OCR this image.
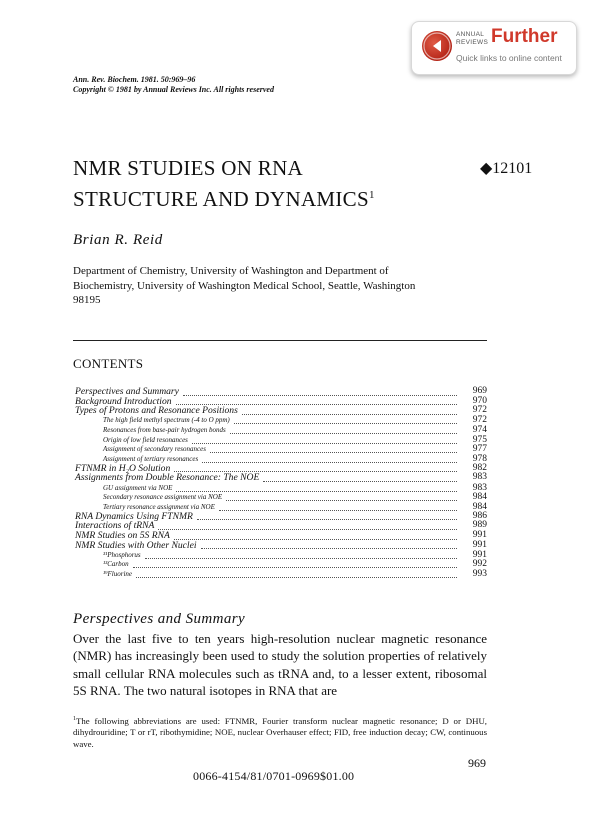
ANNUAL
REVIEWS Further
Quick links to online content
Ann. Rev. Biochem. 1981. 50:969–96
Copyright © 1981 by Annual Reviews Inc. All rights reserved
NMR STUDIES ON RNA
STRUCTURE AND DYNAMICS$^1$
◆12101
Brian R. Reid
Department of Chemistry, University of Washington and Department of Biochemistry, University of Washington Medical School, Seattle, Washington 98195
CONTENTS
Perspectives and Summary	969
Background Introduction	970
Types of Protons and Resonance Positions	972
The high field methyl spectrum (-4 to O ppm)	972
Resonances from base-pair hydrogen bonds	974
Origin of low field resonances	975
Assignment of secondary resonances	977
Assignment of tertiary resonances	978
FTNMR in H₂O Solution	982
Assignments from Double Resonance: The NOE	983
GU assignment via NOE	983
Secondary resonance assignment via NOE	984
Tertiary resonance assignment via NOE	984
RNA Dynamics Using FTNMR	986
Interactions of tRNA	989
NMR Studies on 5S RNA	991
NMR Studies with Other Nuclei	991
³¹Phosphorus	991
¹³Carbon	992
¹⁹Fluorine	993
Perspectives and Summary
Over the last five to ten years high-resolution nuclear magnetic resonance (NMR) has increasingly been used to study the solution properties of relatively small cellular RNA molecules such as tRNA and, to a lesser extent, ribosomal 5S RNA. The two natural isotopes in RNA that are
$^1$The following abbreviations are used: FTNMR, Fourier transform nuclear magnetic resonance; D or DHU, dihydrouridine; T or rT, ribothymidine; NOE, nuclear Overhauser effect; FID, free induction decay; CW, continuous wave.
969
0066-4154/81/0701-0969$01.00
